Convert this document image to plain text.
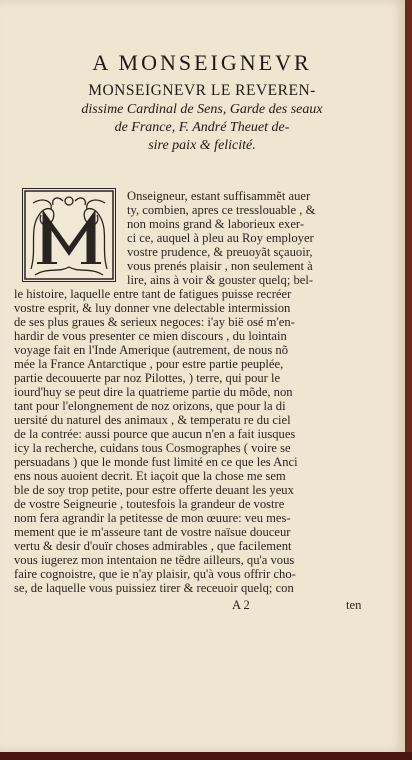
A MONSEIGNEVR
MONSEIGNEVR LE REVEREN-
dissime Cardinal de Sens, Garde des seaux
de France, F. André Theuet de-
sire paix & felicité.
Onseigneur, estant suffisammẽt auer
ty, combien, apres ce tresslouable , &
non moins grand & laborieux exer-
ci ce, auquel à pleu au Roy employer
vostre prudence, & preuoyãt sçauoir,
vous prenés plaisir , non seulement à
lire, ains à voir & gouster quelq; bel-
le histoire, laquelle entre tant de fatigues puisse recréer
vostre esprit, & luy donner vne delectable intermission
de ses plus graues & serieux negoces: i'ay bië osé m'en-
hardir de vous presenter ce mien discours , du lointain
voyage fait en l'Inde Amerique (autrement, de nous nõ
mée la France Antarctique , pour estre partie peuplée,
partie decouuerte par noz Pilottes, ) terre, qui pour le
iourd'huy se peut dire la quatrieme partie du mõde, non
tant pour l'elongnement de noz orizons, que pour la di
uersité du naturel des animaux , & temperatu re du ciel
de la contrée: aussi pource que aucun n'en a fait iusques
icy la recherche, cuidans tous Cosmographes ( voire se
persuadans ) que le monde fust limité en ce que les Anci
ens nous auoient decrit. Et iaçoit que la chose me sem
ble de soy trop petite, pour estre offerte deuant les yeux
de vostre Seigneurie , toutesfois la grandeur de vostre
nom fera agrandir la petitesse de mon œuure: veu mes-
mement que ie m'asseure tant de vostre naïsue douceur
vertu & desir d'ouïr choses admirables , que facilement
vous iugerez mon intentaion ne tẽdre ailleurs, qu'a vous
faire cognoistre, que ie n'ay plaisir, qu'à vous offrir cho-
se, de laquelle vous puissiez tirer & receuoir quelq; con
A 2	ten
